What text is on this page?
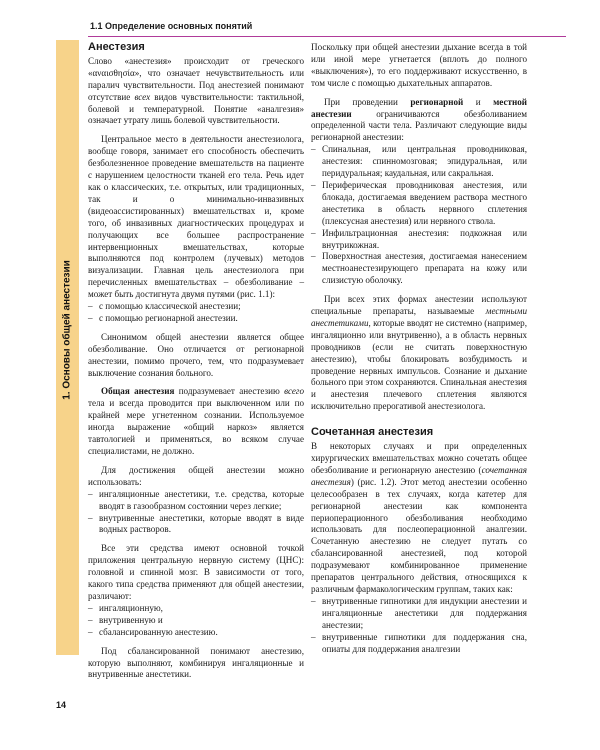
1.1 Определение основных понятий
1. Основы общей анестезии
14
Анестезия

Слово «анестезия» происходит от греческого «αναισθησία», что означает нечувствительность или паралич чувствительности. Под анестезией понимают отсутствие всех видов чувствительности: тактильной, болевой и температурной. Понятие «аналгезия» означает утрату лишь болевой чувствительности.

Центральное место в деятельности анестезиолога, вообще говоря, занимает его способность обеспечить безболезненное проведение вмешательств на пациенте с нарушением целостности тканей его тела. Речь идет как о классических, т.е. открытых, или традиционных, так и о минимально-инвазивных (видеоассистированных) вмешательствах и, кроме того, об инвазивных диагностических процедурах и получающих все большее распространение интервенционных вмешательствах, которые выполняются под контролем (лучевых) методов визуализации. Главная цель анестезиолога при перечисленных вмешательствах – обезболивание – может быть достигнута двумя путями (рис. 1.1):

– с помощью классической анестезии;
– с помощью регионарной анестезии.

Синонимом общей анестезии является общее обезболивание. Оно отличается от регионарной анестезии, помимо прочего, тем, что подразумевает выключение сознания больного.

Общая анестезия подразумевает анестезию всего тела и всегда проводится при выключенном или по крайней мере угнетенном сознании. Используемое иногда выражение «общий наркоз» является тавтологией и применяться, во всяком случае специалистами, не должно.

Для достижения общей анестезии можно использовать:

– ингаляционные анестетики, т.е. средства, которые вводят в газообразном состоянии через легкие;
– внутривенные анестетики, которые вводят в виде водных растворов.

Все эти средства имеют основной точкой приложения центральную нервную систему (ЦНС): головной и спинной мозг. В зависимости от того, какого типа средства применяют для общей анестезии, различают:

– ингаляционную,
– внутривенную и
– сбалансированную анестезию.

Под сбалансированной понимают анестезию, которую выполняют, комбинируя ингаляционные и внутривенные анестетики.

Поскольку при общей анестезии дыхание всегда в той или иной мере угнетается (вплоть до полного «выключения»), то его поддерживают искусственно, в том числе с помощью дыхательных аппаратов.

При проведении регионарной и местной анестезии ограничиваются обезболиванием определенной части тела. Различают следующие виды регионарной анестезии:

– Спинальная, или центральная проводниковая, анестезия: спинномозговая; эпидуральная, или перидуральная; каудальная, или сакральная.
– Периферическая проводниковая анестезия, или блокада, достигаемая введением раствора местного анестетика в область нервного сплетения (плексусная анестезия) или нервного ствола.
– Инфильтрационная анестезия: подкожная или внутрикожная.
– Поверхностная анестезия, достигаемая нанесением местноанестезирующего препарата на кожу или слизистую оболочку.

При всех этих формах анестезии используют специальные препараты, называемые местными анестетиками, которые вводят не системно (например, ингаляционно или внутривенно), а в область нервных проводников (если не считать поверхностную анестезию), чтобы блокировать возбудимость и проведение нервных импульсов. Сознание и дыхание больного при этом сохраняются. Спинальная анестезия и анестезия плечевого сплетения являются исключительно прерогативой анестезиолога.

Сочетанная анестезия

В некоторых случаях и при определенных хирургических вмешательствах можно сочетать общее обезболивание и регионарную анестезию (сочетанная анестезия) (рис. 1.2). Этот метод анестезии особенно целесообразен в тех случаях, когда катетер для регионарной анестезии как компонента периоперационного обезболивания необходимо использовать для послеоперационной аналгезии. Сочетанную анестезию не следует путать со сбалансированной анестезией, под которой подразумевают комбинированное применение препаратов центрального действия, относящихся к различным фармакологическим группам, таких как:

– внутривенные гипнотики для индукции анестезии и ингаляционные анестетики для поддержания анестезии;
– внутривенные гипнотики для поддержания сна, опиаты для поддержания аналгезии
